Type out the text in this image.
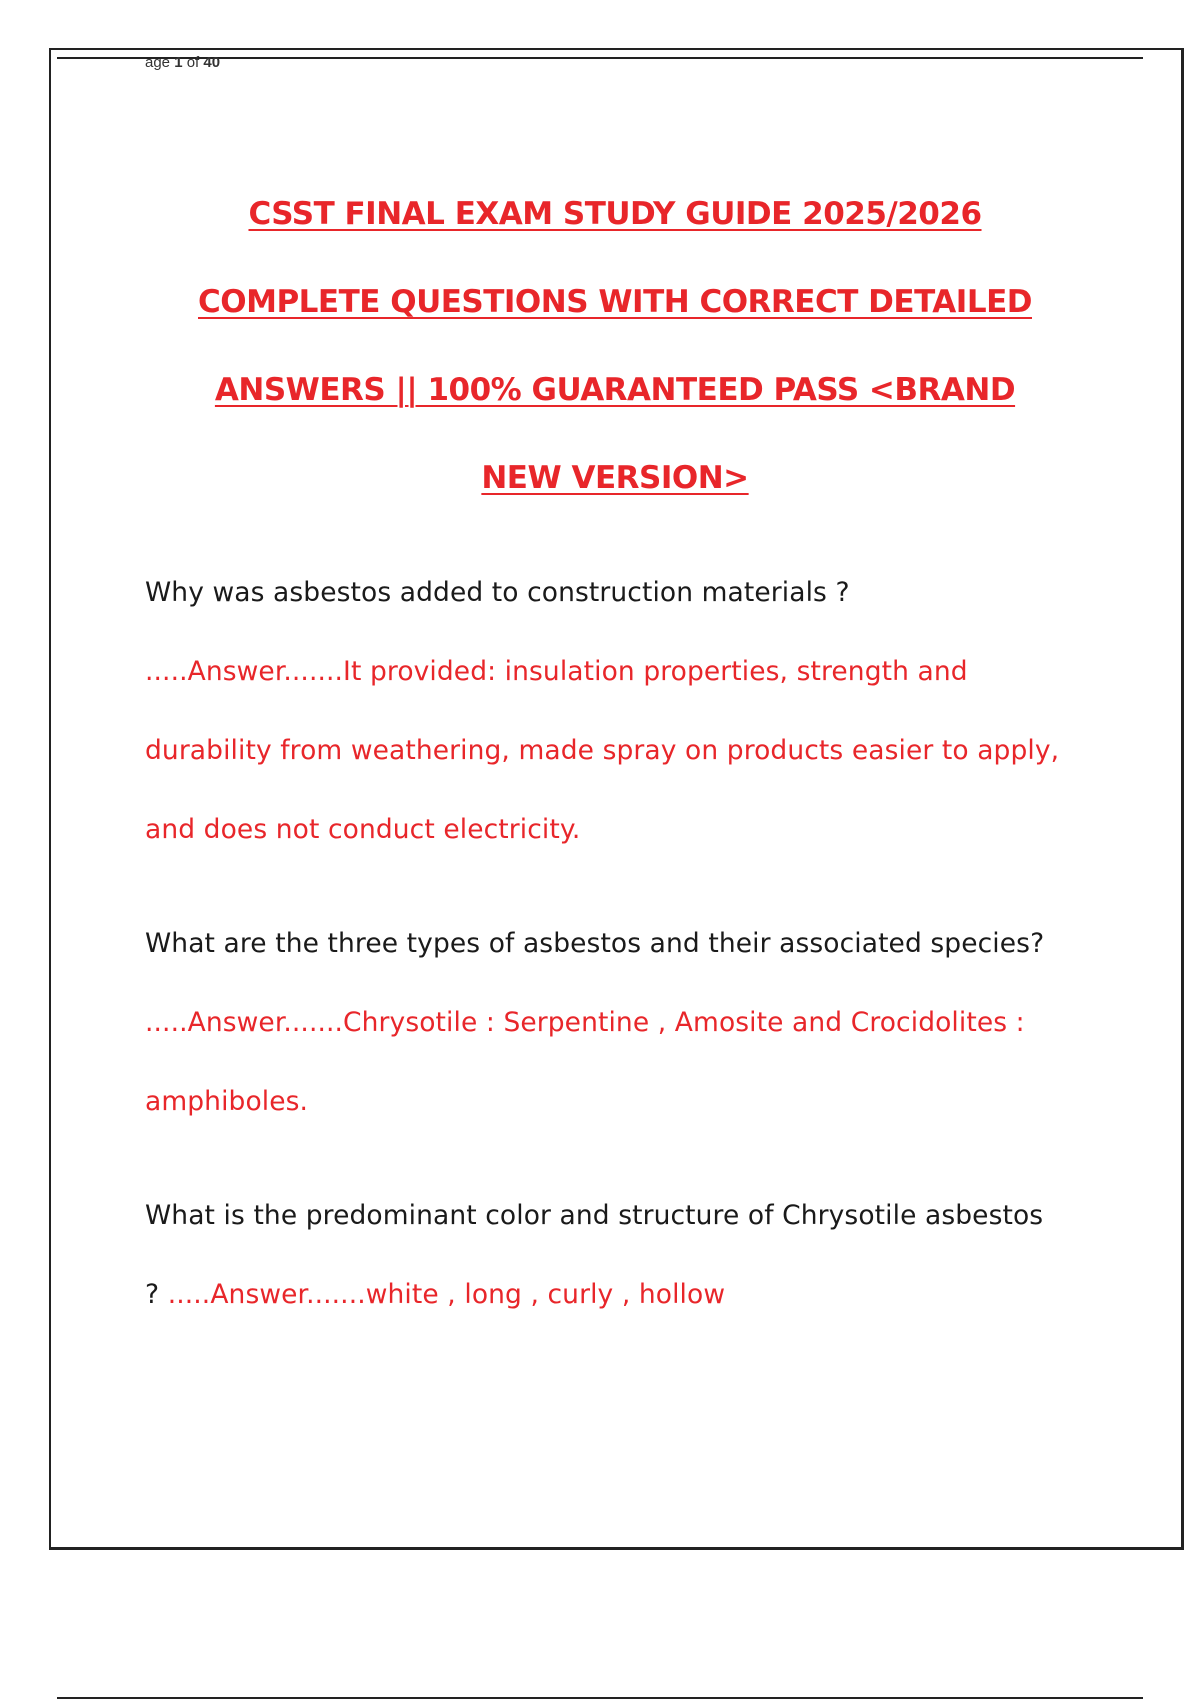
age 1 of 40
CSST FINAL EXAM STUDY GUIDE 2025/2026
COMPLETE QUESTIONS WITH CORRECT DETAILED
ANSWERS || 100% GUARANTEED PASS <BRAND
NEW VERSION>
Why was asbestos added to construction materials ? .....Answer.......It provided: insulation properties, strength and durability from weathering, made spray on products easier to apply, and does not conduct electricity.
What are the three types of asbestos and their associated species? .....Answer.......Chrysotile : Serpentine , Amosite and Crocidolites : amphiboles.
What is the predominant color and structure of Chrysotile asbestos ? .....Answer.......white , long , curly , hollow
